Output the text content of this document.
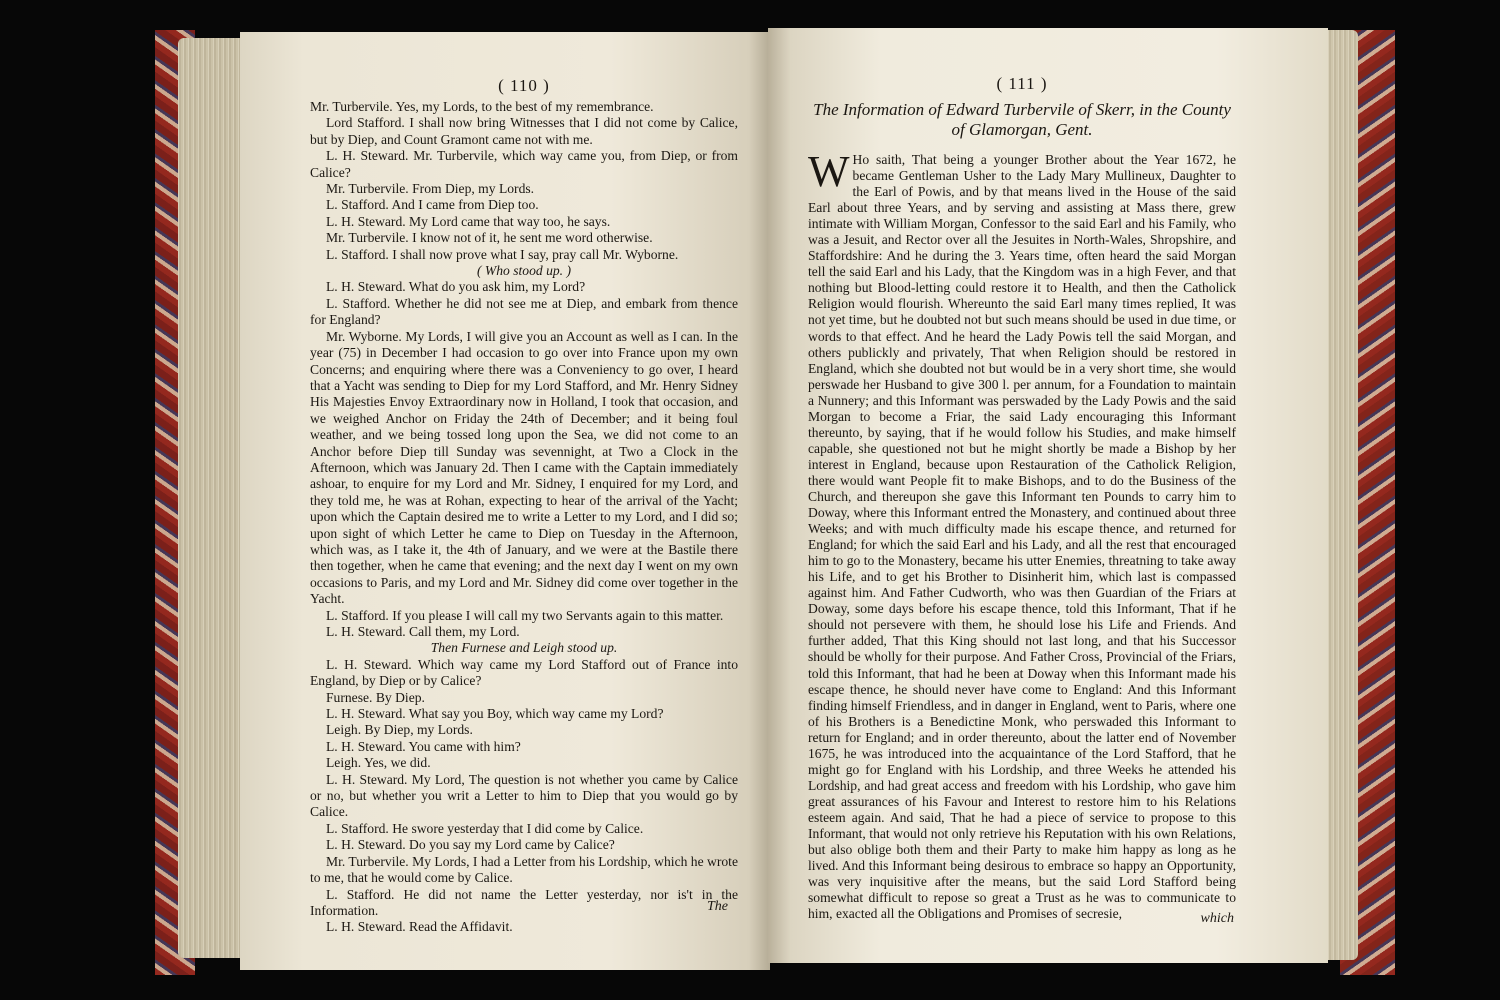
( 110 )

Mr. Turbervile. Yes, my Lords, to the best of my remembrance.

Lord Stafford. I shall now bring Witnesses that I did not come by Calice, but by Diep, and Count Gramont came not with me.

L. H. Steward. Mr. Turbervile, which way came you, from Diep, or from Calice?

Mr. Turbervile. From Diep, my Lords.

L. Stafford. And I came from Diep too.

L. H. Steward. My Lord came that way too, he says.

Mr. Turbervile. I know not of it, he sent me word otherwise.

L. Stafford. I shall now prove what I say, pray call Mr. Wyborne.

( Who stood up. )

L. H. Steward. What do you ask him, my Lord?

L. Stafford. Whether he did not see me at Diep, and embark from thence for England?

Mr. Wyborne. My Lords, I will give you an Account as well as I can. In the year (75) in December I had occasion to go over into France upon my own Concerns; and enquiring where there was a Conveniency to go over, I heard that a Yacht was sending to Diep for my Lord Stafford, and Mr. Henry Sidney His Majesties Envoy Extraordinary now in Holland, I took that occasion, and we weighed Anchor on Friday the 24th of December; and it being foul weather, and we being tossed long upon the Sea, we did not come to an Anchor before Diep till Sunday was sevennight, at Two a Clock in the Afternoon, which was January 2d. Then I came with the Captain immediately ashoar, to enquire for my Lord and Mr. Sidney, I enquired for my Lord, and they told me, he was at Rohan, expecting to hear of the arrival of the Yacht; upon which the Captain desired me to write a Letter to my Lord, and I did so; upon sight of which Letter he came to Diep on Tuesday in the Afternoon, which was, as I take it, the 4th of January, and we were at the Bastile there then together, when he came that evening; and the next day I went on my own occasions to Paris, and my Lord and Mr. Sidney did come over together in the Yacht.

L. Stafford. If you please I will call my two Servants again to this matter.

L. H. Steward. Call them, my Lord.

Then Furnese and Leigh stood up.

L. H. Steward. Which way came my Lord Stafford out of France into England, by Diep or by Calice?

Furnese. By Diep.

L. H. Steward. What say you Boy, which way came my Lord?

Leigh. By Diep, my Lords.

L. H. Steward. You came with him?

Leigh. Yes, we did.

L. H. Steward. My Lord, The question is not whether you came by Calice or no, but whether you writ a Letter to him to Diep that you would go by Calice.

L. Stafford. He swore yesterday that I did come by Calice.

L. H. Steward. Do you say my Lord came by Calice?

Mr. Turbervile. My Lords, I had a Letter from his Lordship, which he wrote to me, that he would come by Calice.

L. Stafford. He did not name the Letter yesterday, nor is't in the Information.

L. H. Steward. Read the Affidavit.

The
( 111 )
The Information of Edward Turbervile of Skerr, in the County of Glamorgan, Gent.
W Ho saith, That being a younger Brother about the Year 1672, he became Gentleman Usher to the Lady Mary Mullineux, Daughter to the Earl of Powis, and by that means lived in the House of the said Earl about three Years, and by serving and assisting at Mass there, grew intimate with William Morgan, Confessor to the said Earl and his Family, who was a Jesuit, and Rector over all the Jesuites in North-Wales, Shropshire, and Staffordshire: And he during the 3. Years time, often heard the said Morgan tell the said Earl and his Lady, that the Kingdom was in a high Fever, and that nothing but Blood-letting could restore it to Health, and then the Catholick Religion would flourish. Whereunto the said Earl many times replied, It was not yet time, but he doubted not but such means should be used in due time, or words to that effect. And he heard the Lady Powis tell the said Morgan, and others publickly and privately, That when Religion should be restored in England, which she doubted not but would be in a very short time, she would perswade her Husband to give 300 l. per annum, for a Foundation to maintain a Nunnery; and this Informant was perswaded by the Lady Powis and the said Morgan to become a Friar, the said Lady encouraging this Informant thereunto, by saying, that if he would follow his Studies, and make himself capable, she questioned not but he might shortly be made a Bishop by her interest in England, because upon Restauration of the Catholick Religion, there would want People fit to make Bishops, and to do the Business of the Church, and thereupon she gave this Informant ten Pounds to carry him to Doway, where this Informant entred the Monastery, and continued about three Weeks; and with much difficulty made his escape thence, and returned for England; for which the said Earl and his Lady, and all the rest that encouraged him to go to the Monastery, became his utter Enemies, threatning to take away his Life, and to get his Brother to Disinherit him, which last is compassed against him. And Father Cudworth, who was then Guardian of the Friars at Doway, some days before his escape thence, told this Informant, That if he should not persevere with them, he should lose his Life and Friends. And further added, That this King should not last long, and that his Successor should be wholly for their purpose. And Father Cross, Provincial of the Friars, told this Informant, that had he been at Doway when this Informant made his escape thence, he should never have come to England: And this Informant finding himself Friendless, and in danger in England, went to Paris, where one of his Brothers is a Benedictine Monk, who perswaded this Informant to return for England; and in order thereunto, about the latter end of November 1675, he was introduced into the acquaintance of the Lord Stafford, that he might go for England with his Lordship, and three Weeks he attended his Lordship, and had great access and freedom with his Lordship, who gave him great assurances of his Favour and Interest to restore him to his Relations esteem again. And said, That he had a piece of service to propose to this Informant, that would not only retrieve his Reputation with his own Relations, but also oblige both them and their Party to make him happy as long as he lived. And this Informant being desirous to embrace so happy an Opportunity, was very inquisitive after the means, but the said Lord Stafford being somewhat difficult to repose so great a Trust as he was to communicate to him, exacted all the Obligations and Promises of secresie,	which
